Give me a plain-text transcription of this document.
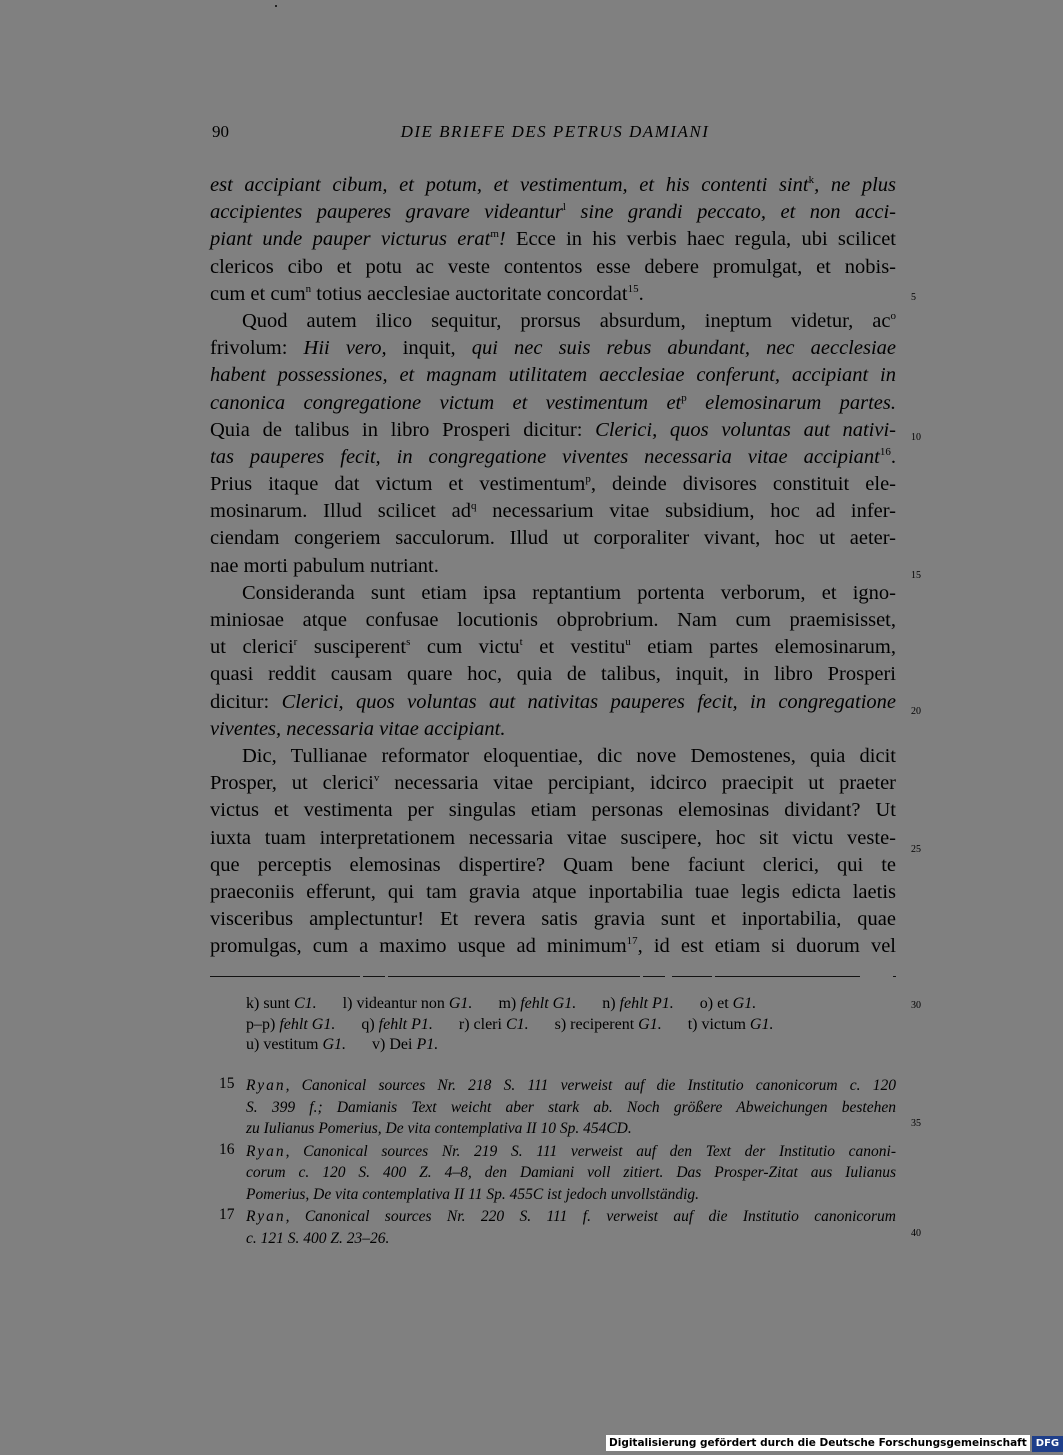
90	DIE BRIEFE DES PETRUS DAMIANI
est accipiant cibum, et potum, et vestimentum, et his contenti sint$^k$, ne plus
accipientes pauperes gravare videantur$^l$ sine grandi peccato, et non acci-
piant unde pauper victurus erat$^m$! Ecce in his verbis haec regula, ubi scilicet
clericos cibo et potu ac veste contentos esse debere promulgat, et nobis-
cum et cum$^n$ totius aecclesiae auctoritate concordat$^{15}$.
Quod autem ilico sequitur, prorsus absurdum, ineptum videtur, $ac^o$
frivolum: Hii vero, inquit, qui nec suis rebus abundant, nec aecclesiae
habent possessiones, et magnam utilitatem aecclesiae conferunt, accipiant in
canonica congregatione victum et vestimentum $et^p$ elemosinarum partes.
Quia de talibus in libro Prosperi dicitur: Clerici, quos voluntas aut nativi-
tas pauperes fecit, in congregatione viventes necessaria vitae accipiant$^{16}$.
Prius itaque dat victum et vestimentum$^p$, deinde divisores constituit ele-
mosinarum. Illud scilicet $ad^q$ necessarium vitae subsidium, hoc ad infer-
ciendam congeriem sacculorum. Illud ut corporaliter vivant, hoc ut aeter-
nae morti pabulum nutriant.
Consideranda sunt etiam ipsa reptantium portenta verborum, et igno-
miniosae atque confusae locutionis obprobrium. Nam cum praemisisset,
ut clerici$^r$ susciperent$^s$ cum victu$^t$ et vestitu$^u$ etiam partes elemosinarum,
quasi reddit causam quare hoc, quia de talibus, inquit, in libro Prosperi
dicitur: Clerici, quos voluntas aut nativitas pauperes fecit, in congregatione
viventes, necessaria vitae accipiant.
Dic, Tullianae reformator eloquentiae, dic nove Demostenes, quia dicit
Prosper, ut clerici$^v$ necessaria vitae percipiant, idcirco praecipit ut praeter
victus et vestimenta per singulas etiam personas elemosinas dividant? Ut
iuxta tuam interpretationem necessaria vitae suscipere, hoc sit victu veste-
que perceptis elemosinas dispertire? Quam bene faciunt clerici, qui te
praeconiis efferunt, qui tam gravia atque inportabilia tuae legis edicta laetis
visceribus amplectuntur! Et revera satis gravia sunt et inportabilia, quae
promulgas, cum a maximo usque ad minimum$^{17}$, id est etiam si duorum vel
k) sunt C1. l) videantur non G1. m) fehlt G1. n) fehlt P1. o) et G1.
p–p) fehlt G1. q) fehlt P1. r) cleri C1. s) reciperent G1. t) victum G1.
u) vestitum G1. v) Dei P1.
15 Ryan, Canonical sources Nr. 218 S. 111 verweist auf die Institutio canonicorum c. 120
S. 399 f.; Damianis Text weicht aber stark ab. Noch größere Abweichungen bestehen
zu Iulianus Pomerius, De vita contemplativa II 10 Sp. 454CD.
16 Ryan, Canonical sources Nr. 219 S. 111 verweist auf den Text der Institutio canoni-
corum c. 120 S. 400 Z. 4–8, den Damiani voll zitiert. Das Prosper-Zitat aus Iulianus
Pomerius, De vita contemplativa II 11 Sp. 455C ist jedoch unvollständig.
17 Ryan, Canonical sources Nr. 220 S. 111 f. verweist auf die Institutio canonicorum
c. 121 S. 400 Z. 23–26.
Digitalisierung gefördert durch die Deutsche Forschungsgemeinschaft DFG
5
10
15
20
25
30
35
40
